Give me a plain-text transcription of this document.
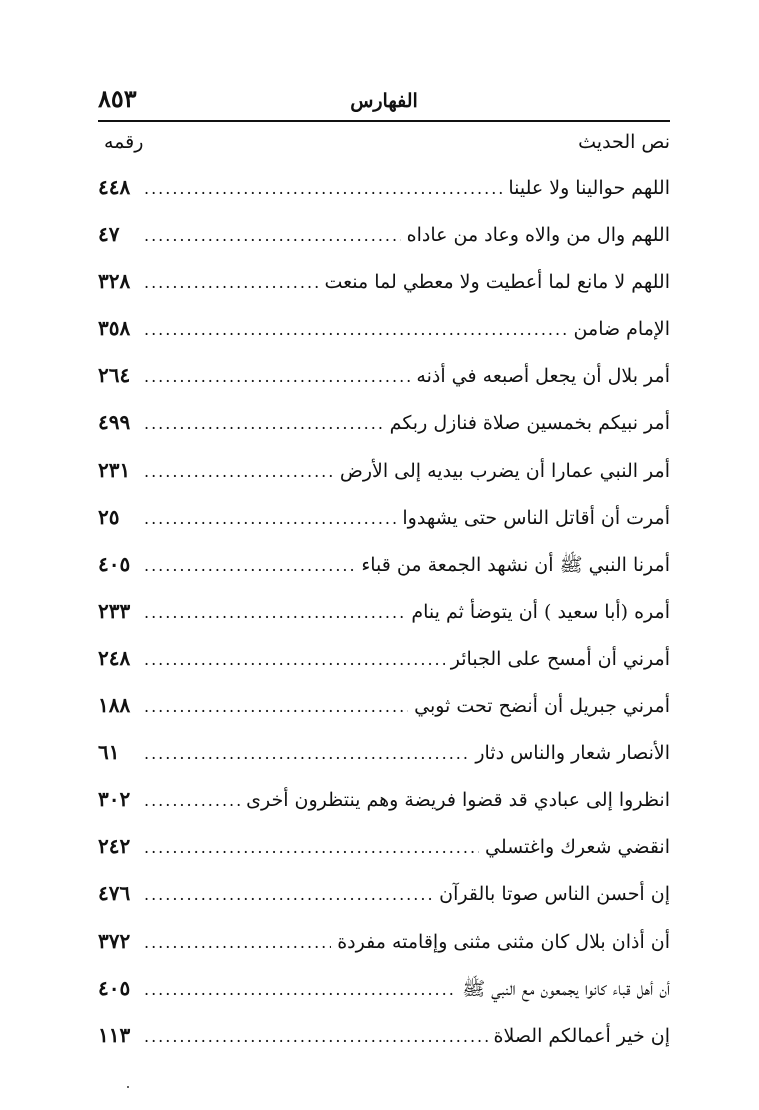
الفهارس
٨٥٣
نص الحديث
رقمه
اللهم حوالينا ولا علينا
.....
٤٤٨
اللهم وال من والاه وعاد من عاداه
.....
٤٧
اللهم لا مانع لما أعطيت ولا معطي لما منعت
.....
٣٢٨
الإمام ضامن
.....
٣٥٨
أمر بلال أن يجعل أصبعه في أذنه
.....
٢٦٤
أمر نبيكم بخمسين صلاة فنازل ربكم
.....
٤٩٩
أمر النبي عمارا أن يضرب بيديه إلى الأرض
.....
٢٣١
أمرت أن أقاتل الناس حتى يشهدوا
.....
٢٥
أمرنا النبي ﷺ أن نشهد الجمعة من قباء
.....
٤٠٥
أمره (أبا سعيد ) أن يتوضأ ثم ينام
.....
٢٣٣
أمرني أن أمسح على الجبائر
.....
٢٤٨
أمرني جبريل أن أنضح تحت ثوبي
.....
١٨٨
الأنصار شعار والناس دثار
.....
٦١
انظروا إلى عبادي قد قضوا فريضة وهم ينتظرون أخرى
.....
٣٠٢
انقضي شعرك واغتسلي
.....
٢٤٢
إن أحسن الناس صوتا بالقرآن
.....
٤٧٦
أن أذان بلال كان مثنى مثنى وإقامته مفردة
.....
٣٧٢
أن أهل قباء كانوا يجمعون مع النبي ﷺ
.....
٤٠٥
إن خير أعمالكم الصلاة
.....
١١٣
